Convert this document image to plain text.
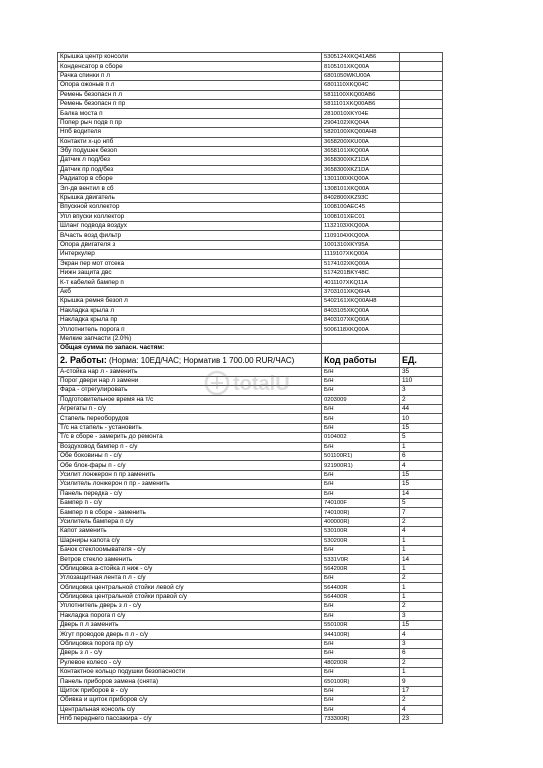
Крышка центр консоли	5305124XKQ41AB6	
Конденсатор в сборе	8105101XKQ00A	
Рачка спинки п л	6801050WKU00A	
Опора ожоныв п л	6801110XKQ04C	
Ремень безопасн п л	5811100XKQ00AB6	
Ремень безопасн п пр	5811101XKQ00AB6	
Балка моста п	2810010XKY04E	
Попер рыч подв п пр	2904102XKQ04A	
Нпб водителя	5820100XKQ00AH8	
Контакти х-цо нпб	3658200XKU00A	
Эбу подушек безоп	3658101XKQ00A	
Датчик л под/без	3658300XKZ1DA	
Датчик пр под/без	3658300XKZ1DA	
Радиатор в сборе	1301100XKQ00A	
Эл-дв вентил в сб	1308101XKQ00A	
Крышка двигатель	8402800XKZ93C	
Впускной коллектор	1008100AEC45	
Упл впуски коллектор	1008101XEC01	
Шланг подвода воздух	1132103XKQ00A	
В/часть возд фильтр	1109104XKQ00A	
Опора двигателя з	1001310XKY95A	
Интеркулер	1119107XKQ00A	
Экран пер мот отсека	5174102XKQ00A	
Нижн защита двс	5174201BKY48C	
К-т кабелей бампер п	4011107XKQ11A	
Акб	3703101XKQ6HA	
Крышка ремня безоп л	5402161XKQ00AH8	
Накладка крыла л	8403105XKQ00A	
Накладка крыла пр	8403107XKQ00A	
Уплотнитель порога п	5006118XKQ00A	
Мелкие запчасти (2.0%)		
Общая сумма по запасн. частям:		
2. Работы: (Норма: 10ЕД/ЧАС; Норматив 1 700.00 RUR/ЧАС)	Код работы	ЕД.
А-стойка нар л - заменить	Б/Н	35
Порог двери нар л замени	Б/Н	110
Фара - отрегулировать	Б/Н	3
Подготовительное время на т/с	0203009	2
Агрегаты п - с/у	Б/Н	44
Стапель переоборудов	Б/Н	10
Т/с на стапель - установить	Б/Н	15
Т/с в сборе - замерить до ремонта	0104002	5
Воздуховод бампер п - с/у	Б/Н	1
Обе боковины п - с/у	501100R1)	6
Обе блок-фары п - с/у	921900R1)	4
Усилит лонжерон п пр заменить	Б/Н	15
Усилитель лонжерон п пр - заменить	Б/Н	15
Панель передка - с/у	Б/Н	14
Бампер п - с/у	740100F	5
Бампер п в сборе - заменить	740100R)	7
Усилитель бампера п с/у	400000R)	2
Капот заменить	530100R	4
Шарниры капота с/у	530200R	1
Бачок стеклоомывателя - с/у	Б/Н	1
Ветров стекло заменить	5331V0R	14
Облицовка а-стойка л ниж - с/у	564200R	1
Углозащитная лента п л - с/у	Б/Н	2
Облицовка центральной стойки левой с/у	564400R	1
Облицовка центральной стойки правой с/у	564400R	1
Уплотнитель дверь з л - с/у	Б/Н	2
Накладка порога п с/у	Б/Н	3
Дверь п л заменить	550100R	15
Жгут проводов дверь п л - с/у	944100R)	4
Облицовка порога пр с/у	Б/Н	3
Дверь з л - с/у	Б/Н	6
Рулевое колесо - с/у	480200R	2
Контактное кольцо подушки безопасности	Б/Н	1
Панель приборов замена (снята)	650100R)	9
Щиток приборов в - с/у	Б/Н	17
Обивка и щиток приборов с/у	Б/Н	2
Центральная консоль с/у	Б/Н	4
Нпб переднего пассажира - с/у	733300R)	23
totalU
